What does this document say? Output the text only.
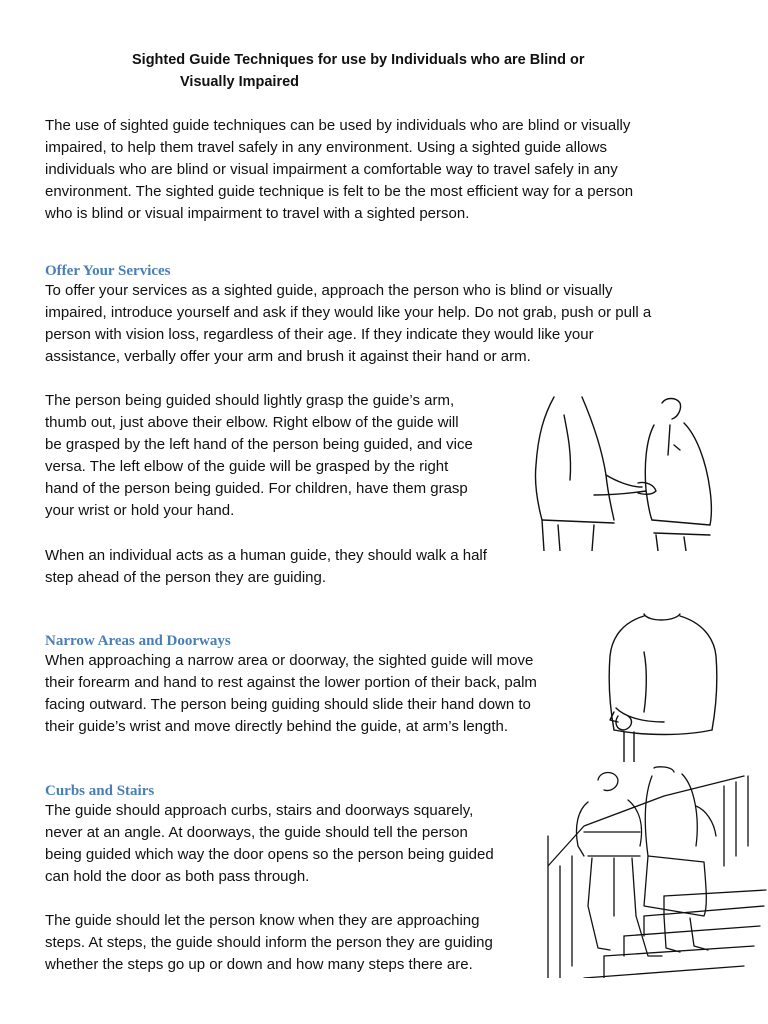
Sighted Guide Techniques for use by Individuals who are Blind or
Visually Impaired
The use of sighted guide techniques can be used by individuals who are blind or visually
impaired, to help them travel safely in any environment. Using a sighted guide allows
individuals who are blind or visual impairment a comfortable way to travel safely in any
environment. The sighted guide technique is felt to be the most efficient way for a person
who is blind or visual impairment to travel with a sighted person.
Offer Your Services
To offer your services as a sighted guide, approach the person who is blind or visually
impaired, introduce yourself and ask if they would like your help. Do not grab, push or pull a
person with vision loss, regardless of their age. If they indicate they would like your
assistance, verbally offer your arm and brush it against their hand or arm.
The person being guided should lightly grasp the guide’s arm,
thumb out, just above their elbow. Right elbow of the guide will
be grasped by the left hand of the person being guided, and vice
versa. The left elbow of the guide will be grasped by the right
hand of the person being guided. For children, have them grasp
your wrist or hold your hand.
When an individual acts as a human guide, they should walk a half
step ahead of the person they are guiding.
Narrow Areas and Doorways
When approaching a narrow area or doorway, the sighted guide will move
their forearm and hand to rest against the lower portion of their back, palm
facing outward. The person being guiding should slide their hand down to
their guide’s wrist and move directly behind the guide, at arm’s length.
Curbs and Stairs
The guide should approach curbs, stairs and doorways squarely,
never at an angle. At doorways, the guide should tell the person
being guided which way the door opens so the person being guided
can hold the door as both pass through.
The guide should let the person know when they are approaching
steps. At steps, the guide should inform the person they are guiding
whether the steps go up or down and how many steps there are.
